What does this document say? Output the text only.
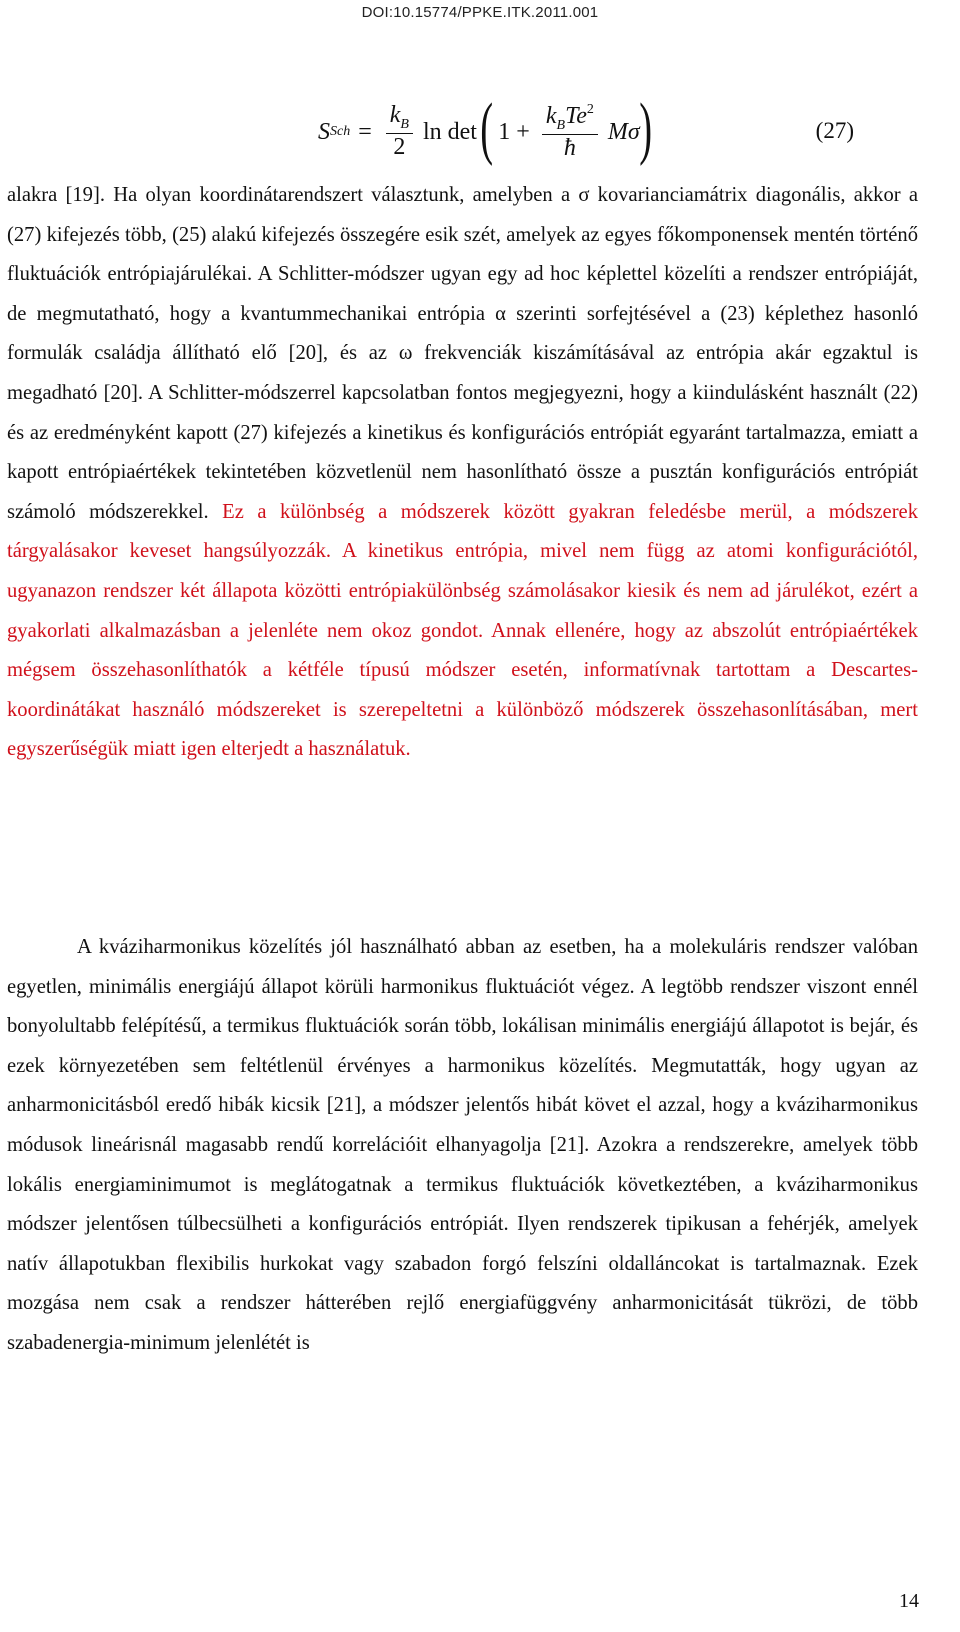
DOI:10.15774/PPKE.ITK.2011.001
S Sch = $\frac{k_B}{2}$ ln det ( $1 + \frac{k_BTe^2}{ħ}$ Mσ )	(27)
alakra [19]. Ha olyan koordinátarendszert választunk, amelyben a σ kovarianciamátrix diagonális, akkor a (27) kifejezés több, (25) alakú kifejezés összegére esik szét, amelyek az egyes főkomponensek mentén történő fluktuációk entrópiajárulékai. A Schlitter-módszer ugyan egy ad hoc képlettel közelíti a rendszer entrópiáját, de megmutatható, hogy a kvantummechanikai entrópia α szerinti sorfejtésével a (23) képlethez hasonló formulák családja állítható elő [20], és az ω frekvenciák kiszámításával az entrópia akár egzaktul is megadható [20]. A Schlitter-módszerrel kapcsolatban fontos megjegyezni, hogy a kiindulásként használt (22) és az eredményként kapott (27) kifejezés a kinetikus és konfigurációs entrópiát egyaránt tartalmazza, emiatt a kapott entrópiaértékek tekintetében közvetlenül nem hasonlítható össze a pusztán konfigurációs entrópiát számoló módszerekkel. Ez a különbség a módszerek között gyakran feledésbe merül, a módszerek tárgyalásakor keveset hangsúlyozzák. A kinetikus entrópia, mivel nem függ az atomi konfigurációtól, ugyanazon rendszer két állapota közötti entrópiakülönbség számolásakor kiesik és nem ad járulékot, ezért a gyakorlati alkalmazásban a jelenléte nem okoz gondot. Annak ellenére, hogy az abszolút entrópiaértékek mégsem összehasonlíthatók a kétféle típusú módszer esetén, informatívnak tartottam a Descartes-koordinátákat használó módszereket is szerepeltetni a különböző módszerek összehasonlításában, mert egyszerűségük miatt igen elterjedt a használatuk.
A kváziharmonikus közelítés jól használható abban az esetben, ha a molekuláris rendszer valóban egyetlen, minimális energiájú állapot körüli harmonikus fluktuációt végez. A legtöbb rendszer viszont ennél bonyolultabb felépítésű, a termikus fluktuációk során több, lokálisan minimális energiájú állapotot is bejár, és ezek környezetében sem feltétlenül érvényes a harmonikus közelítés. Megmutatták, hogy ugyan az anharmonicitásból eredő hibák kicsik [21], a módszer jelentős hibát követ el azzal, hogy a kváziharmonikus módusok lineárisnál magasabb rendű korrelációit elhanyagolja [21]. Azokra a rendszerekre, amelyek több lokális energiaminimumot is meglátogatnak a termikus fluktuációk következtében, a kváziharmonikus módszer jelentősen túlbecsülheti a konfigurációs entrópiát. Ilyen rendszerek tipikusan a fehérjék, amelyek natív állapotukban flexibilis hurkokat vagy szabadon forgó felszíni oldalláncokat is tartalmaznak. Ezek mozgása nem csak a rendszer hátterében rejlő energiafüggvény anharmonicitását tükrözi, de több szabadenergia-minimum jelenlétét is
14
